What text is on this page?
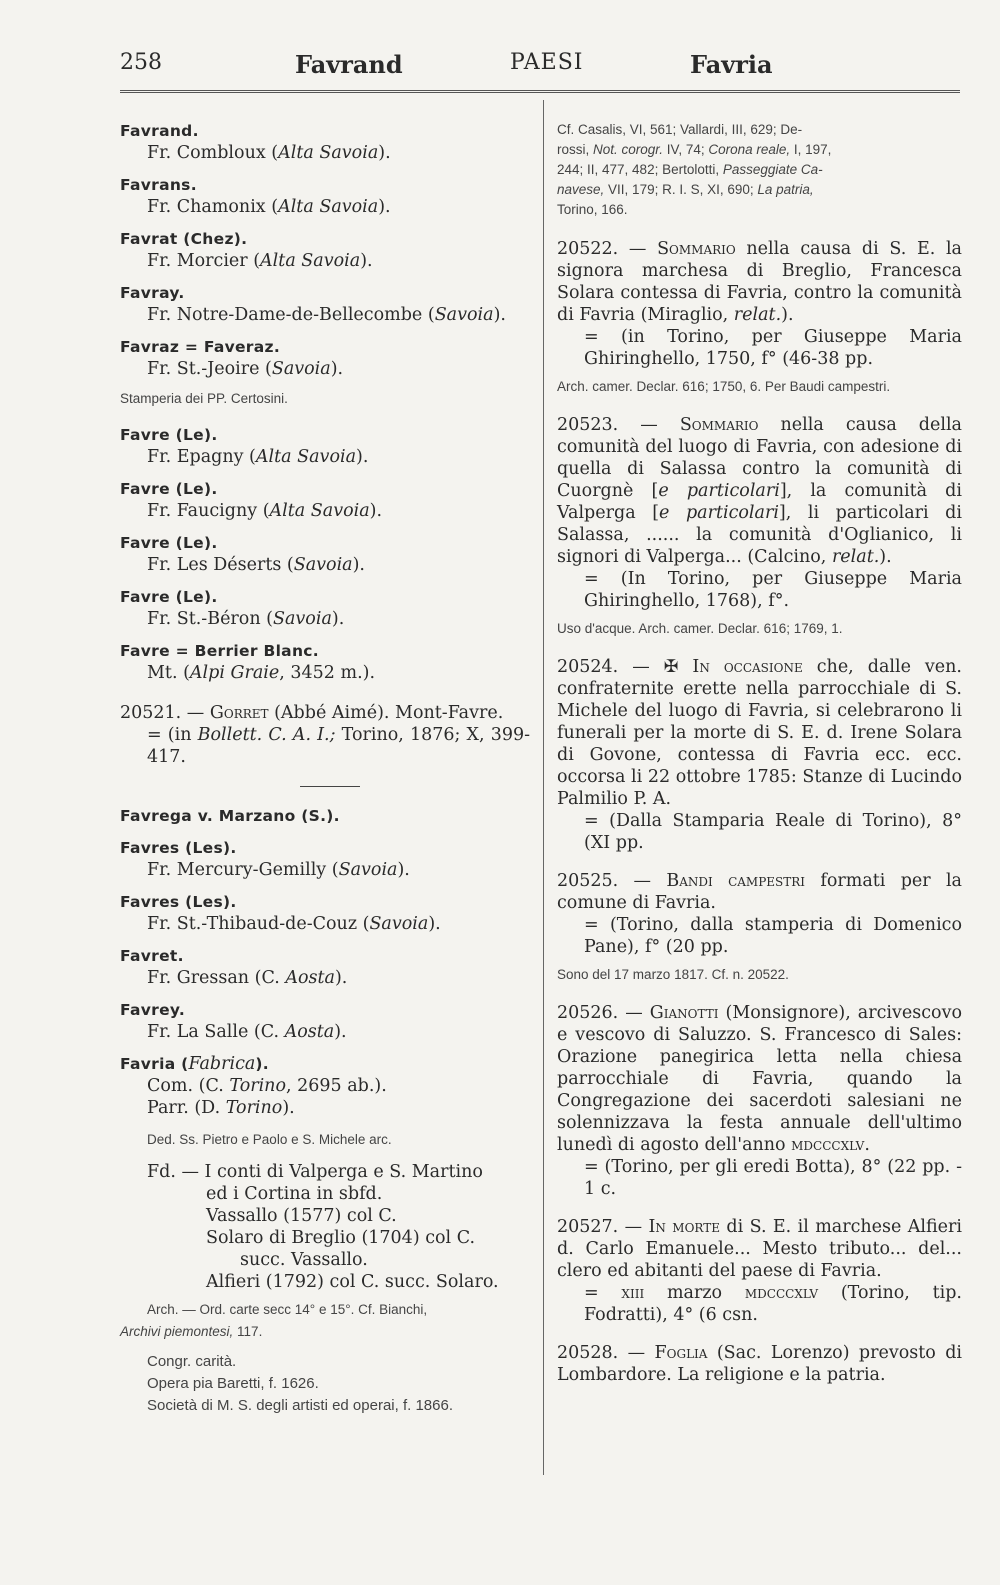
258	Favrand	PAESI	Favria
Favrand.
Fr. Combloux (Alta Savoia).
Favrans.
Fr. Chamonix (Alta Savoia).
Favrat (Chez).
Fr. Morcier (Alta Savoia).
Favray.
Fr. Notre-Dame-de-Bellecombe (Savoia).
Favraz = Faveraz.
Fr. St.-Jeoire (Savoia).
Stamperia dei PP. Certosini.
Favre (Le).
Fr. Epagny (Alta Savoia).
Favre (Le).
Fr. Faucigny (Alta Savoia).
Favre (Le).
Fr. Les Déserts (Savoia).
Favre (Le).
Fr. St.-Béron (Savoia).
Favre = Berrier Blanc.
Mt. (Alpi Graie, 3452 m.).
20521. — Gorret (Abbé Aimé). Mont-Favre.
= (in Bollett. C. A. I.; Torino, 1876; X, 399-417.
Favrega v. Marzano (S.).
Favres (Les).
Fr. Mercury-Gemilly (Savoia).
Favres (Les).
Fr. St.-Thibaud-de-Couz (Savoia).
Favret.
Fr. Gressan (C. Aosta).
Favrey.
Fr. La Salle (C. Aosta).
Favria (Fabrica).
Com. (C. Torino, 2695 ab.).
Parr. (D. Torino).
Ded. Ss. Pietro e Paolo e S. Michele arc.
Fd. — I conti di Valperga e S. Martino
ed i Cortina in sbfd.
Vassallo (1577) col C.
Solaro di Breglio (1704) col C.
succ. Vassallo.
Alfieri (1792) col C. succ. Solaro.
Arch. — Ord. carte secc 14° e 15°. Cf. Bianchi,
Archivi piemontesi, 117.
Congr. carità.
Opera pia Baretti, f. 1626.
Società di M. S. degli artisti ed operai, f. 1866.
Cf. Casalis, VI, 561; Vallardi, III, 629; De-
rossi, Not. corogr. IV, 74; Corona reale, I, 197,
244; II, 477, 482; Bertolotti, Passeggiate Ca-
navese, VII, 179; R. I. S, XI, 690; La patria,
Torino, 166.
20522. — Sommario nella causa di S. E. la signora marchesa di Breglio, Francesca Solara contessa di Favria, contro la comunità di Favria (Miraglio, relat.).
= (in Torino, per Giuseppe Maria Ghiringhello, 1750, f° (46-38 pp.
Arch. camer. Declar. 616; 1750, 6. Per Baudi campestri.
20523. — Sommario nella causa della comunità del luogo di Favria, con adesione di quella di Salassa contro la comunità di Cuorgnè [e particolari], la comunità di Valperga [e particolari], li particolari di Salassa, ...... la comunità d'Oglianico, li signori di Valperga... (Calcino, relat.).
= (In Torino, per Giuseppe Maria Ghiringhello, 1768), f°.
Uso d'acque. Arch. camer. Declar. 616; 1769, 1.
20524. — ✠ In occasione che, dalle ven. confraternite erette nella parrocchiale di S. Michele del luogo di Favria, si celebrarono li funerali per la morte di S. E. d. Irene Solara di Govone, contessa di Favria ecc. ecc. occorsa li 22 ottobre 1785: Stanze di Lucindo Palmilio P. A.
= (Dalla Stamparia Reale di Torino), 8° (XI pp.
20525. — Bandi campestri formati per la comune di Favria.
= (Torino, dalla stamperia di Domenico Pane), f° (20 pp.
Sono del 17 marzo 1817. Cf. n. 20522.
20526. — Gianotti (Monsignore), arcivescovo e vescovo di Saluzzo. S. Francesco di Sales: Orazione panegirica letta nella chiesa parrocchiale di Favria, quando la Congregazione dei sacerdoti salesiani ne solennizzava la festa annuale dell'ultimo lunedì di agosto dell'anno mdcccxlv.
= (Torino, per gli eredi Botta), 8° (22 pp. - 1 c.
20527. — In morte di S. E. il marchese Alfieri d. Carlo Emanuele... Mesto tributo... del... clero ed abitanti del paese di Favria.
= xiii marzo mdcccxlv (Torino, tip. Fodratti), 4° (6 csn.
20528. — Foglia (Sac. Lorenzo) prevosto di Lombardore. La religione e la patria.
